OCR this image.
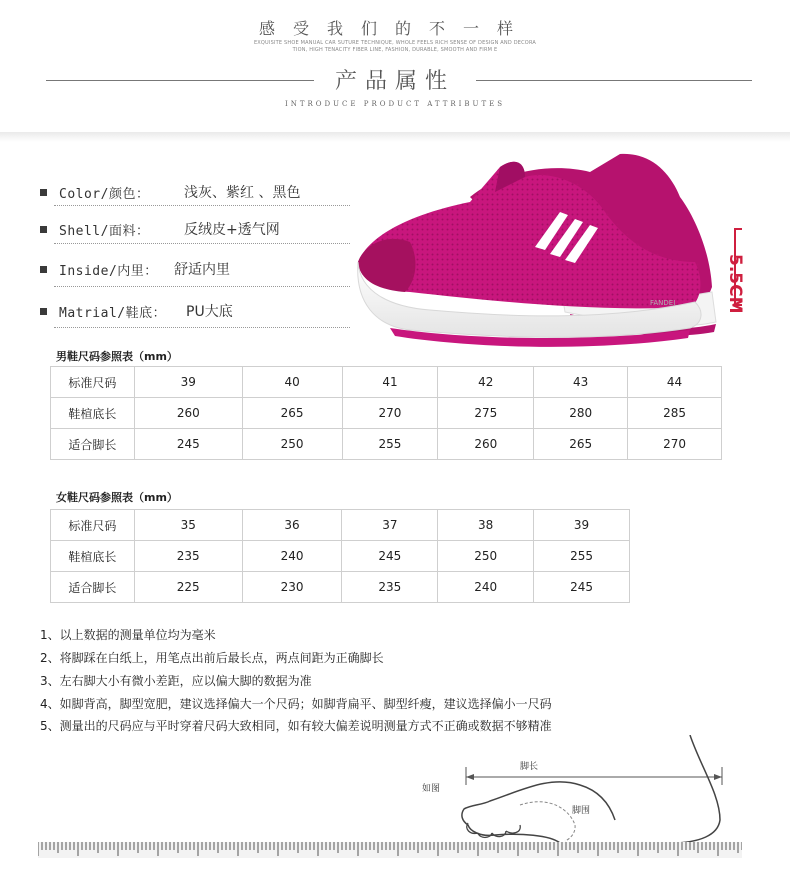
感受我们的不一样
EXQUISITE SHOE MANUAL CAR SUTURE TECHNIQUE, WHOLE FEELS RICH SENSE OF DESIGN AND DECORA
TION, HIGH TENACITY FIBER LINE, FASHION, DURABLE, SMOOTH AND FIRM E
产品属性
INTRODUCE PRODUCT ATTRIBUTES
Color/颜色： 浅灰、紫红 、黑色
Shell/面料： 反绒皮+透气网
Inside/内里： 舒适内里
Matrial/鞋底： PU大底
FANDEI	5.5CM
男鞋尺码参照表（mm）
标准尺码	39	40	41	42	43	44
鞋楦底长	260	265	270	275	280	285
适合脚长	245	250	255	260	265	270
女鞋尺码参照表（mm）
标准尺码	35	36	37	38	39
鞋楦底长	235	240	245	250	255
适合脚长	225	230	235	240	245
1、以上数据的测量单位均为毫米
2、将脚踩在白纸上，用笔点出前后最长点，两点间距为正确脚长
3、左右脚大小有微小差距，应以偏大脚的数据为准
4、如脚背高，脚型宽肥，建议选择偏大一个尺码；如脚背扁平、脚型纤瘦，建议选择偏小一尺码
5、测量出的尺码应与平时穿着尺码大致相同，如有较大偏差说明测量方式不正确或数据不够精准
脚长
如图
脚围
